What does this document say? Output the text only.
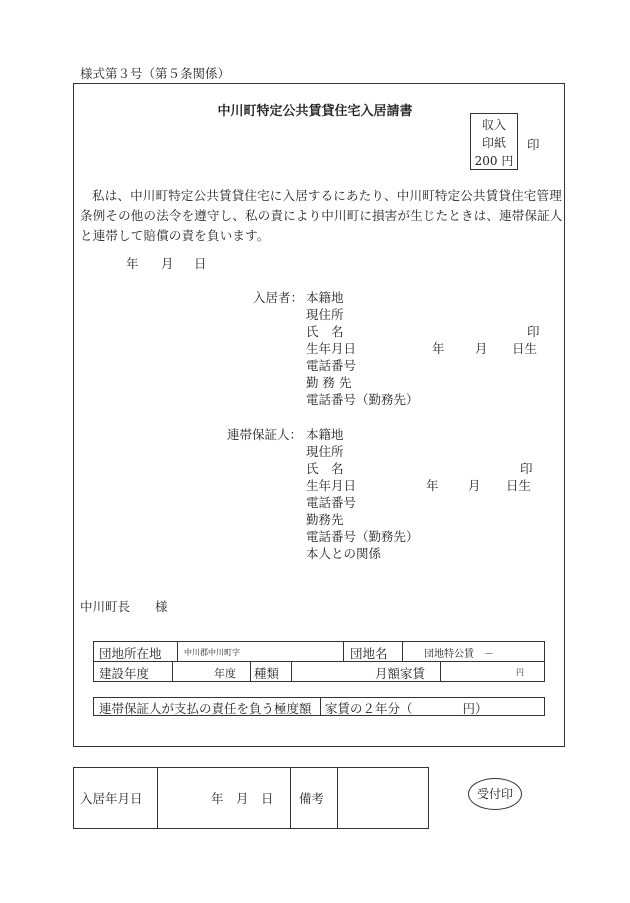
様式第３号（第５条関係）
中川町特定公共賃貸住宅入居請書
収入
印紙
200 円
印
私は、中川町特定公共賃貸住宅に入居するにあたり、中川町特定公共賃貸住宅管理条例その他の法令を遵守し、私の責により中川町に損害が生じたときは、連帯保証人と連帯して賠償の責を負います。
年 月 日
入居者： 本籍地
現住所
氏　名	印
生年月日	年 月 日生
電話番号
勤 務 先
電話番号（勤務先）
連帯保証人： 本籍地
現住所
氏　名	印
生年月日	年 月 日生
電話番号
勤務先
電話番号（勤務先）
本人との関係
中川町長　　様
団地所在地	中川郡中川町字	団地名	団地特公賃　－
建設年度	年度 種類	月額家賃	円
連帯保証人が支払の責任を負う極度額 家賃の２年分（　　　　円）
入居年月日	年　月　日 備考	受付印
